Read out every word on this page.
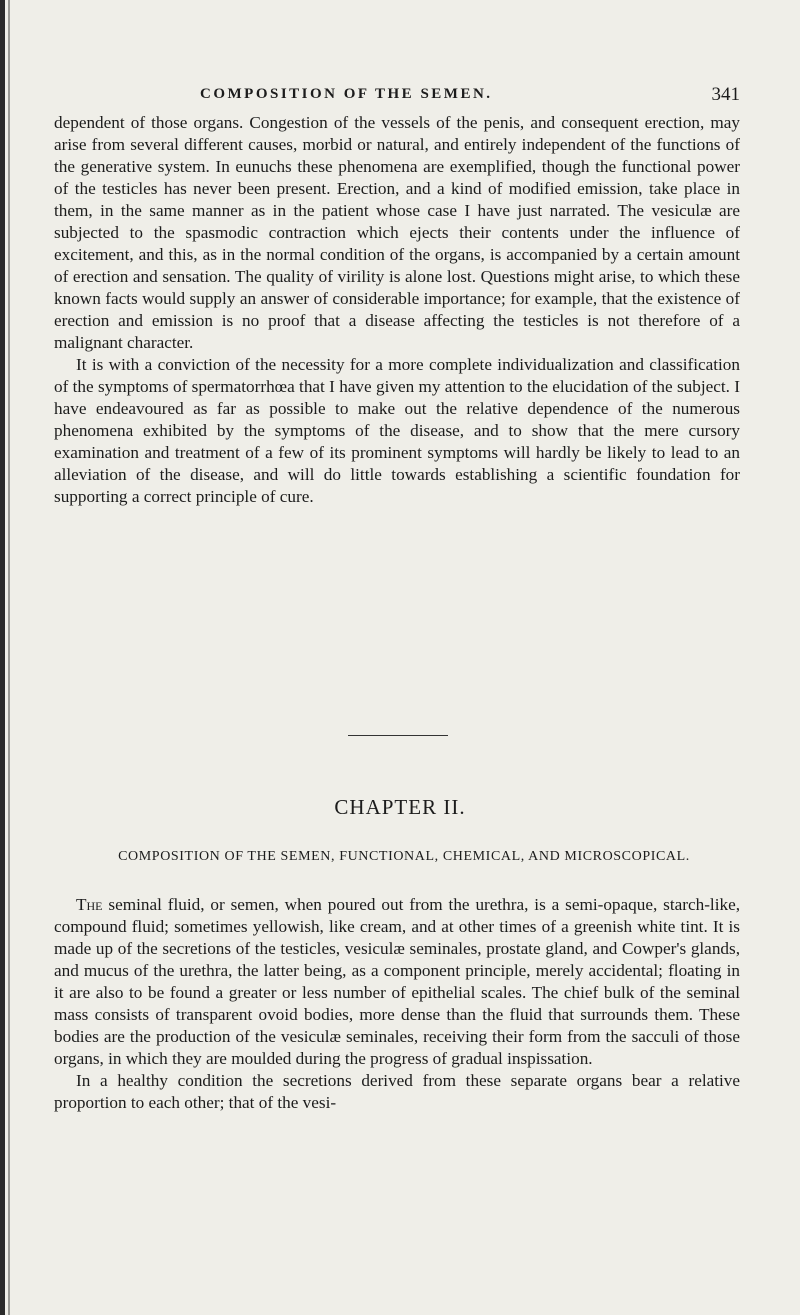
COMPOSITION OF THE SEMEN.	341

dependent of those organs. Congestion of the vessels of the penis, and consequent erection, may arise from several different causes, morbid or natural, and entirely independent of the functions of the generative system. In eunuchs these phenomena are exemplified, though the functional power of the testicles has never been present. Erection, and a kind of modified emission, take place in them, in the same manner as in the patient whose case I have just narrated. The vesiculæ are subjected to the spasmodic contraction which ejects their contents under the influence of excitement, and this, as in the normal condition of the organs, is accompanied by a certain amount of erection and sensation. The quality of virility is alone lost. Questions might arise, to which these known facts would supply an answer of considerable importance; for example, that the existence of erection and emission is no proof that a disease affecting the testicles is not therefore of a malignant character.

It is with a conviction of the necessity for a more complete individualization and classification of the symptoms of spermatorrhœa that I have given my attention to the elucidation of the subject. I have endeavoured as far as possible to make out the relative dependence of the numerous phenomena exhibited by the symptoms of the disease, and to show that the mere cursory examination and treatment of a few of its prominent symptoms will hardly be likely to lead to an alleviation of the disease, and will do little towards establishing a scientific foundation for supporting a correct principle of cure.

CHAPTER II.
COMPOSITION OF THE SEMEN, FUNCTIONAL, CHEMICAL, AND MICROSCOPICAL.

The seminal fluid, or semen, when poured out from the urethra, is a semi-opaque, starch-like, compound fluid; sometimes yellowish, like cream, and at other times of a greenish white tint. It is made up of the secretions of the testicles, vesiculæ seminales, prostate gland, and Cowper's glands, and mucus of the urethra, the latter being, as a component principle, merely accidental; floating in it are also to be found a greater or less number of epithelial scales. The chief bulk of the seminal mass consists of transparent ovoid bodies, more dense than the fluid that surrounds them. These bodies are the production of the vesiculæ seminales, receiving their form from the sacculi of those organs, in which they are moulded during the progress of gradual inspissation.

In a healthy condition the secretions derived from these separate organs bear a relative proportion to each other; that of the vesi-
